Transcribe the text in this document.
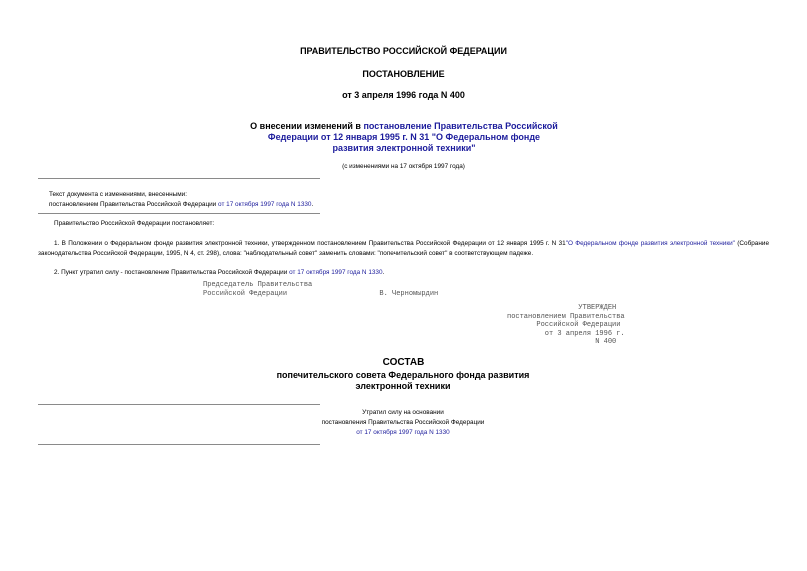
ПРАВИТЕЛЬСТВО РОССИЙСКОЙ ФЕДЕРАЦИИ
ПОСТАНОВЛЕНИЕ
от 3 апреля 1996 года N 400
О внесении изменений в постановление Правительства Российской Федерации от 12 января 1995 г. N 31 "О Федеральном фонде развития электронной техники"
(с изменениями на 17 октября 1997 года)
Текст документа с изменениями, внесенными:
постановлением Правительства Российской Федерации от 17 октября 1997 года N 1330.
Правительство Российской Федерации постановляет:
1. В Положении о Федеральном фонде развития электронной техники, утвержденном постановлением Правительства Российской Федерации от 12 января 1995 г. N 31"О Федеральном фонде развития электронной техники" (Собрание законодательства Российской Федерации, 1995, N 4, ст. 298), слова: "наблюдательный совет" заменить словами: "попечительский совет" в соответствующем падеже.
2. Пункт утратил силу - постановление Правительства Российской Федерации от 17 октября 1997 года N 1330.
Председатель Правительства
Российской Федерации                      В. Черномырдин
УТВЕРЖДЕН
постановлением Правительства
Российской Федерации
от 3 апреля 1996 г.
N 400
СОСТАВ
попечительского совета Федерального фонда развития электронной техники
Утратил силу на основании
постановления Правительства Российской Федерации
от 17 октября 1997 года N 1330
